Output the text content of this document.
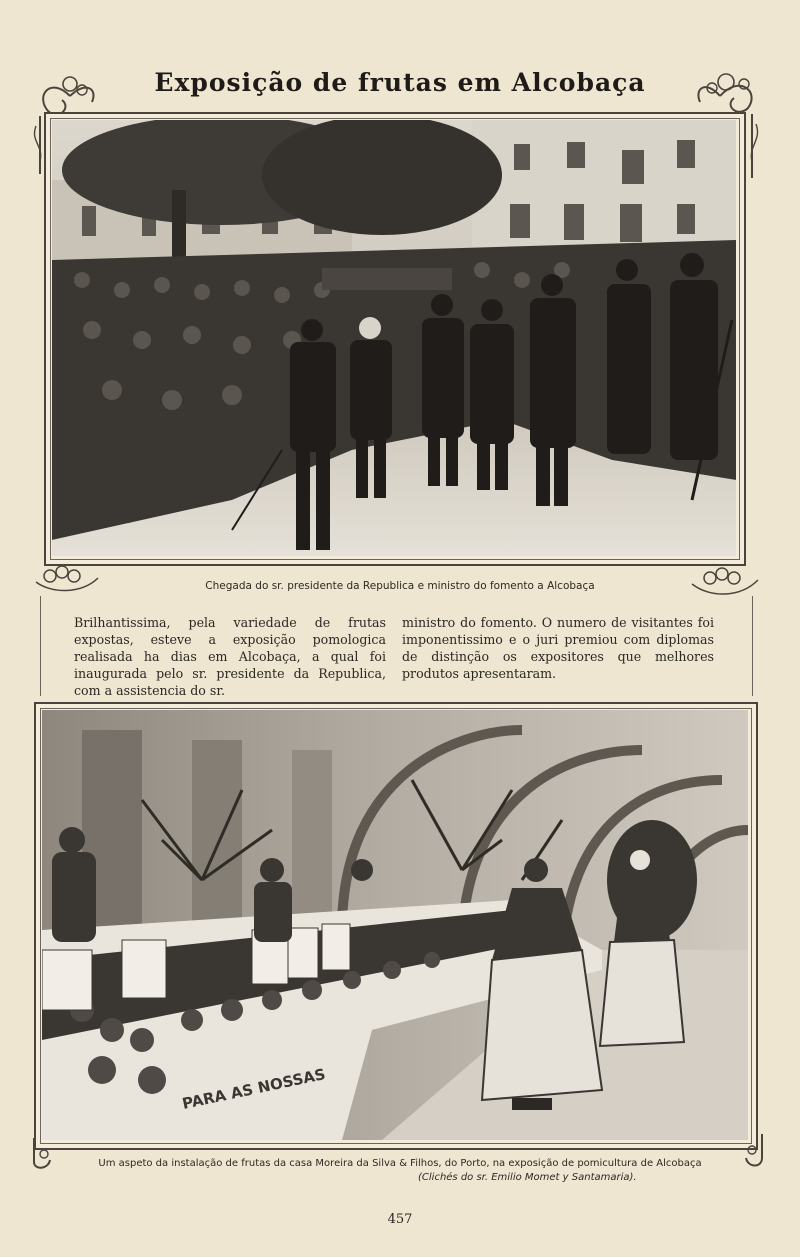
Exposição de frutas em Alcobaça
Chegada do sr. presidente da Republica e ministro do fomento a Alcobaça
Brilhantissima, pela variedade de frutas expostas, esteve a exposição pomologica realisada ha dias em Alcobaça, a qual foi inaugurada pelo sr. presidente da Republica, com a assistencia do sr.
ministro do fomento. O numero de visitantes foi imponentissimo e o juri premiou com diplomas de distinção os expositores que melhores produtos apresentaram.
PARA AS NOSSAS
Um aspeto da instalação de frutas da casa Moreira da Silva & Filhos, do Porto, na exposição de pomicultura de Alcobaça
(Clichés do sr. Emilio Momet y Santamaria).
457
